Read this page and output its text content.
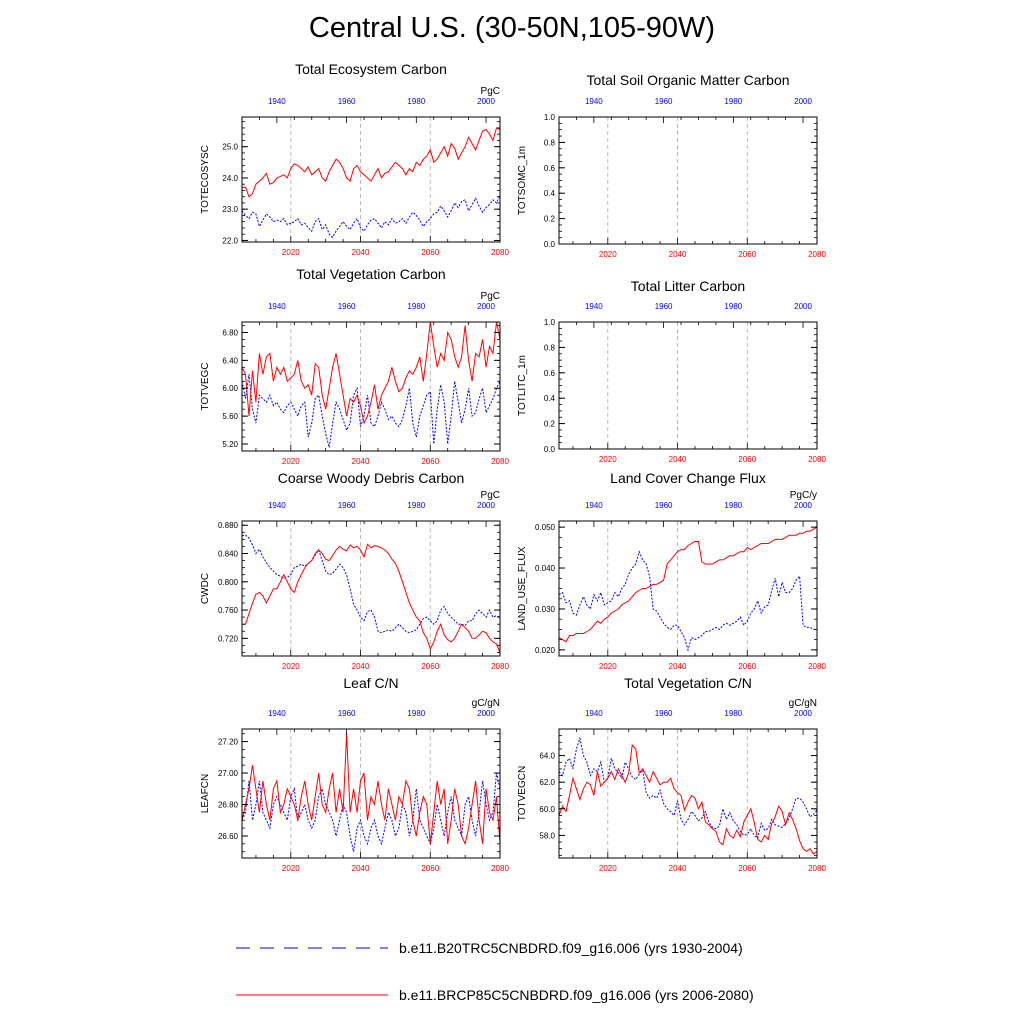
Central U.S. (30-50N,105-90W)
Total Ecosystem Carbon
PgC
22.0
23.0
24.0
25.0
2020	2040	2060	2080
1940	1960	1980	2000
TOTECOSYSC
Total Soil Organic Matter Carbon
0.0
0.2
0.4
0.6
0.8
1.0
2020	2040	2060	2080
1940	1960	1980	2000
TOTSOMC_1m
Total Vegetation Carbon
PgC
5.20
5.60
6.00
6.40
6.80
2020	2040	2060	2080
1940	1960	1980	2000
TOTVEGC
Total Litter Carbon
0.0
0.2
0.4
0.6
0.8
1.0
2020	2040	2060	2080
1940	1960	1980	2000
TOTLITC_1m
Coarse Woody Debris Carbon
PgC
0.720
0.760
0.800
0.840
0.880
2020	2040	2060	2080
1940	1960	1980	2000
CWDC
Land Cover Change Flux
PgC/y
0.020
0.030
0.040
0.050
2020	2040	2060	2080
1940	1960	1980	2000
LAND_USE_FLUX
Leaf C/N
gC/gN
26.60
26.80
27.00
27.20
2020	2040	2060	2080
1940	1960	1980	2000
LEAFCN
Total Vegetation C/N
gC/gN
58.0
60.0
62.0
64.0
2020	2040	2060	2080
1940	1960	1980	2000
TOTVEGCN
b.e11.B20TRC5CNBDRD.f09_g16.006 (yrs 1930-2004)
b.e11.BRCP85C5CNBDRD.f09_g16.006 (yrs 2006-2080)
